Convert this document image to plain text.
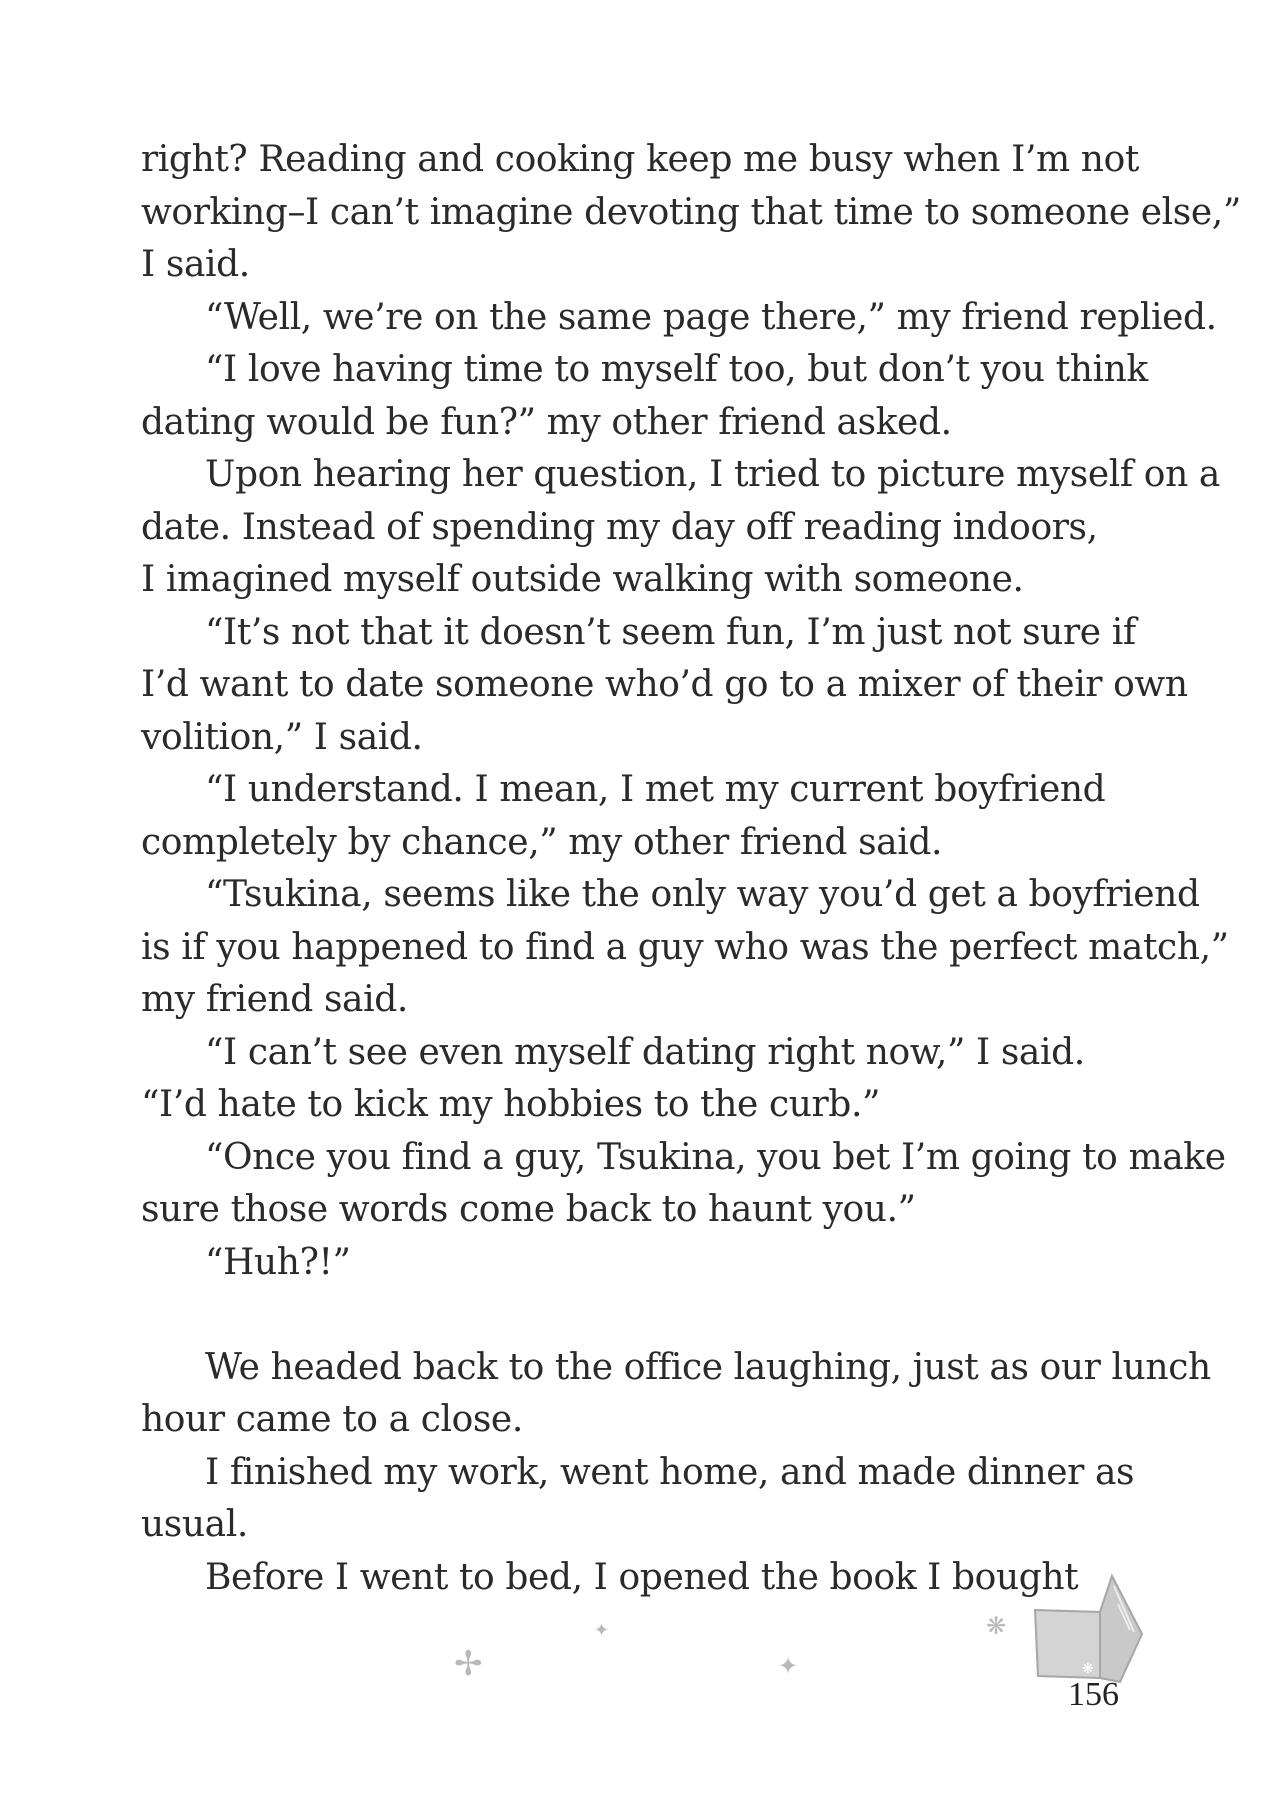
right? Reading and cooking keep me busy when I’m not
working–I can’t imagine devoting that time to someone else,”
I said.
“Well, we’re on the same page there,” my friend replied.
“I love having time to myself too, but don’t you think
dating would be fun?” my other friend asked.
Upon hearing her question, I tried to picture myself on a
date. Instead of spending my day off reading indoors,
I imagined myself outside walking with someone.
“It’s not that it doesn’t seem fun, I’m just not sure if
I’d want to date someone who’d go to a mixer of their own
volition,” I said.
“I understand. I mean, I met my current boyfriend
completely by chance,” my other friend said.
“Tsukina, seems like the only way you’d get a boyfriend
is if you happened to find a guy who was the perfect match,”
my friend said.
“I can’t see even myself dating right now,” I said.
“I’d hate to kick my hobbies to the curb.”
“Once you find a guy, Tsukina, you bet I’m going to make
sure those words come back to haunt you.”
“Huh?!”
We headed back to the office laughing, just as our lunch
hour came to a close.
I finished my work, went home, and made dinner as
usual.
Before I went to bed, I opened the book I bought
✦
✢	✦
❋
❋
156
